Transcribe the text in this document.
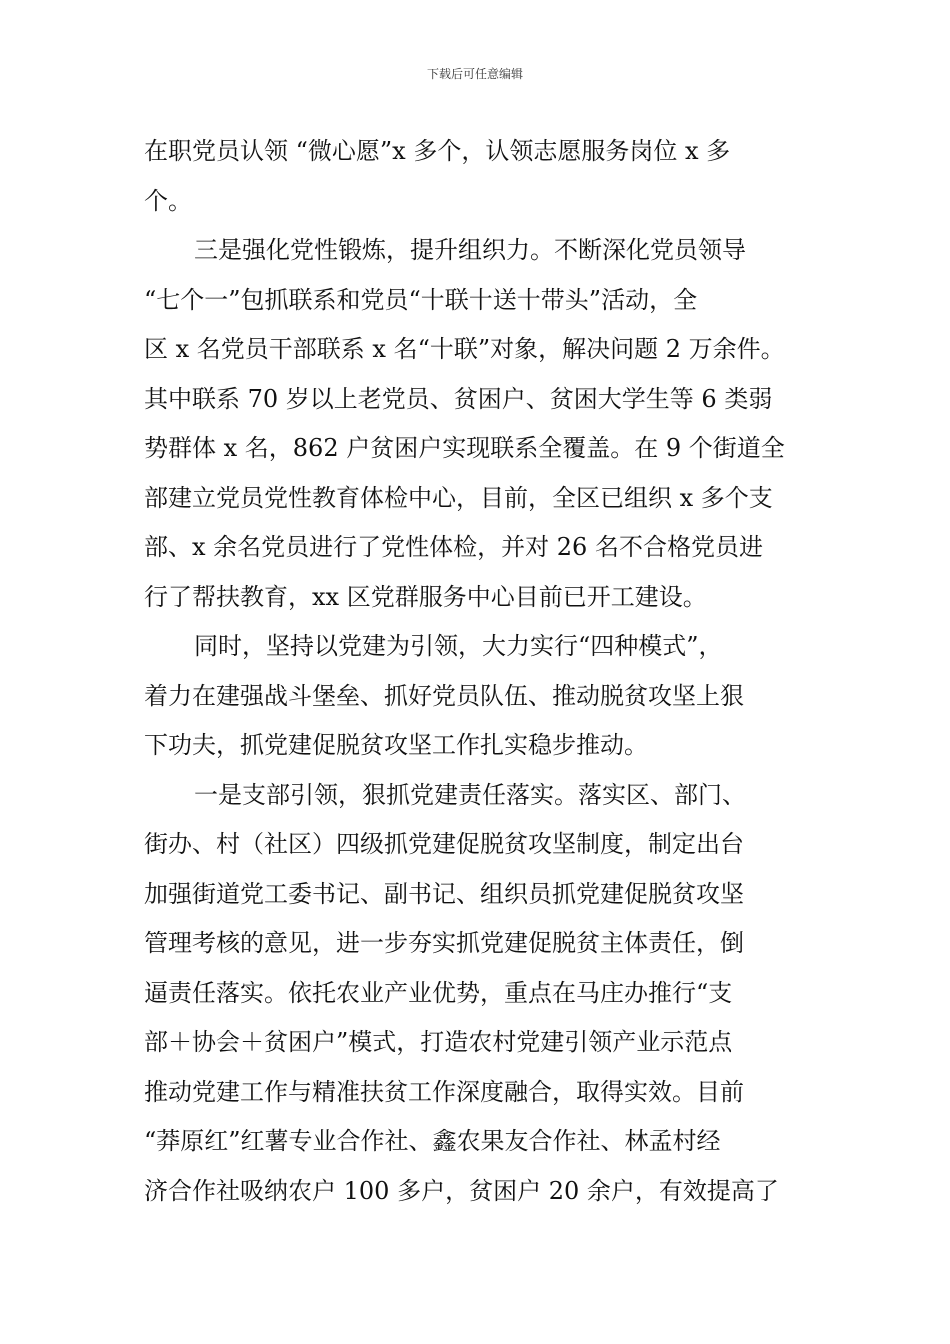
下载后可任意编辑
在职党员认领 “微心愿”x 多个，认领志愿服务岗位 x 多
个。
三是强化党性锻炼，提升组织力。不断深化党员领导
“七个一”包抓联系和党员“十联十送十带头”活动，全
区 x 名党员干部联系 x 名“十联”对象，解决问题 2 万余件。
其中联系 70 岁以上老党员、贫困户、贫困大学生等 6 类弱
势群体 x 名，862 户贫困户实现联系全覆盖。在 9 个街道全
部建立党员党性教育体检中心，目前，全区已组织 x 多个支
部、x 余名党员进行了党性体检，并对 26 名不合格党员进
行了帮扶教育，xx 区党群服务中心目前已开工建设。
同时，坚持以党建为引领，大力实行“四种模式”，
着力在建强战斗堡垒、抓好党员队伍、推动脱贫攻坚上狠
下功夫，抓党建促脱贫攻坚工作扎实稳步推动。
一是支部引领，狠抓党建责任落实。落实区、部门、
街办、村（社区）四级抓党建促脱贫攻坚制度，制定出台
加强街道党工委书记、副书记、组织员抓党建促脱贫攻坚
管理考核的意见，进一步夯实抓党建促脱贫主体责任，倒
逼责任落实。依托农业产业优势，重点在马庄办推行“支
部＋协会＋贫困户”模式，打造农村党建引领产业示范点
推动党建工作与精准扶贫工作深度融合，取得实效。目前
“莽原红”红薯专业合作社、鑫农果友合作社、林孟村经
济合作社吸纳农户 100 多户，贫困户 20 余户，有效提高了
